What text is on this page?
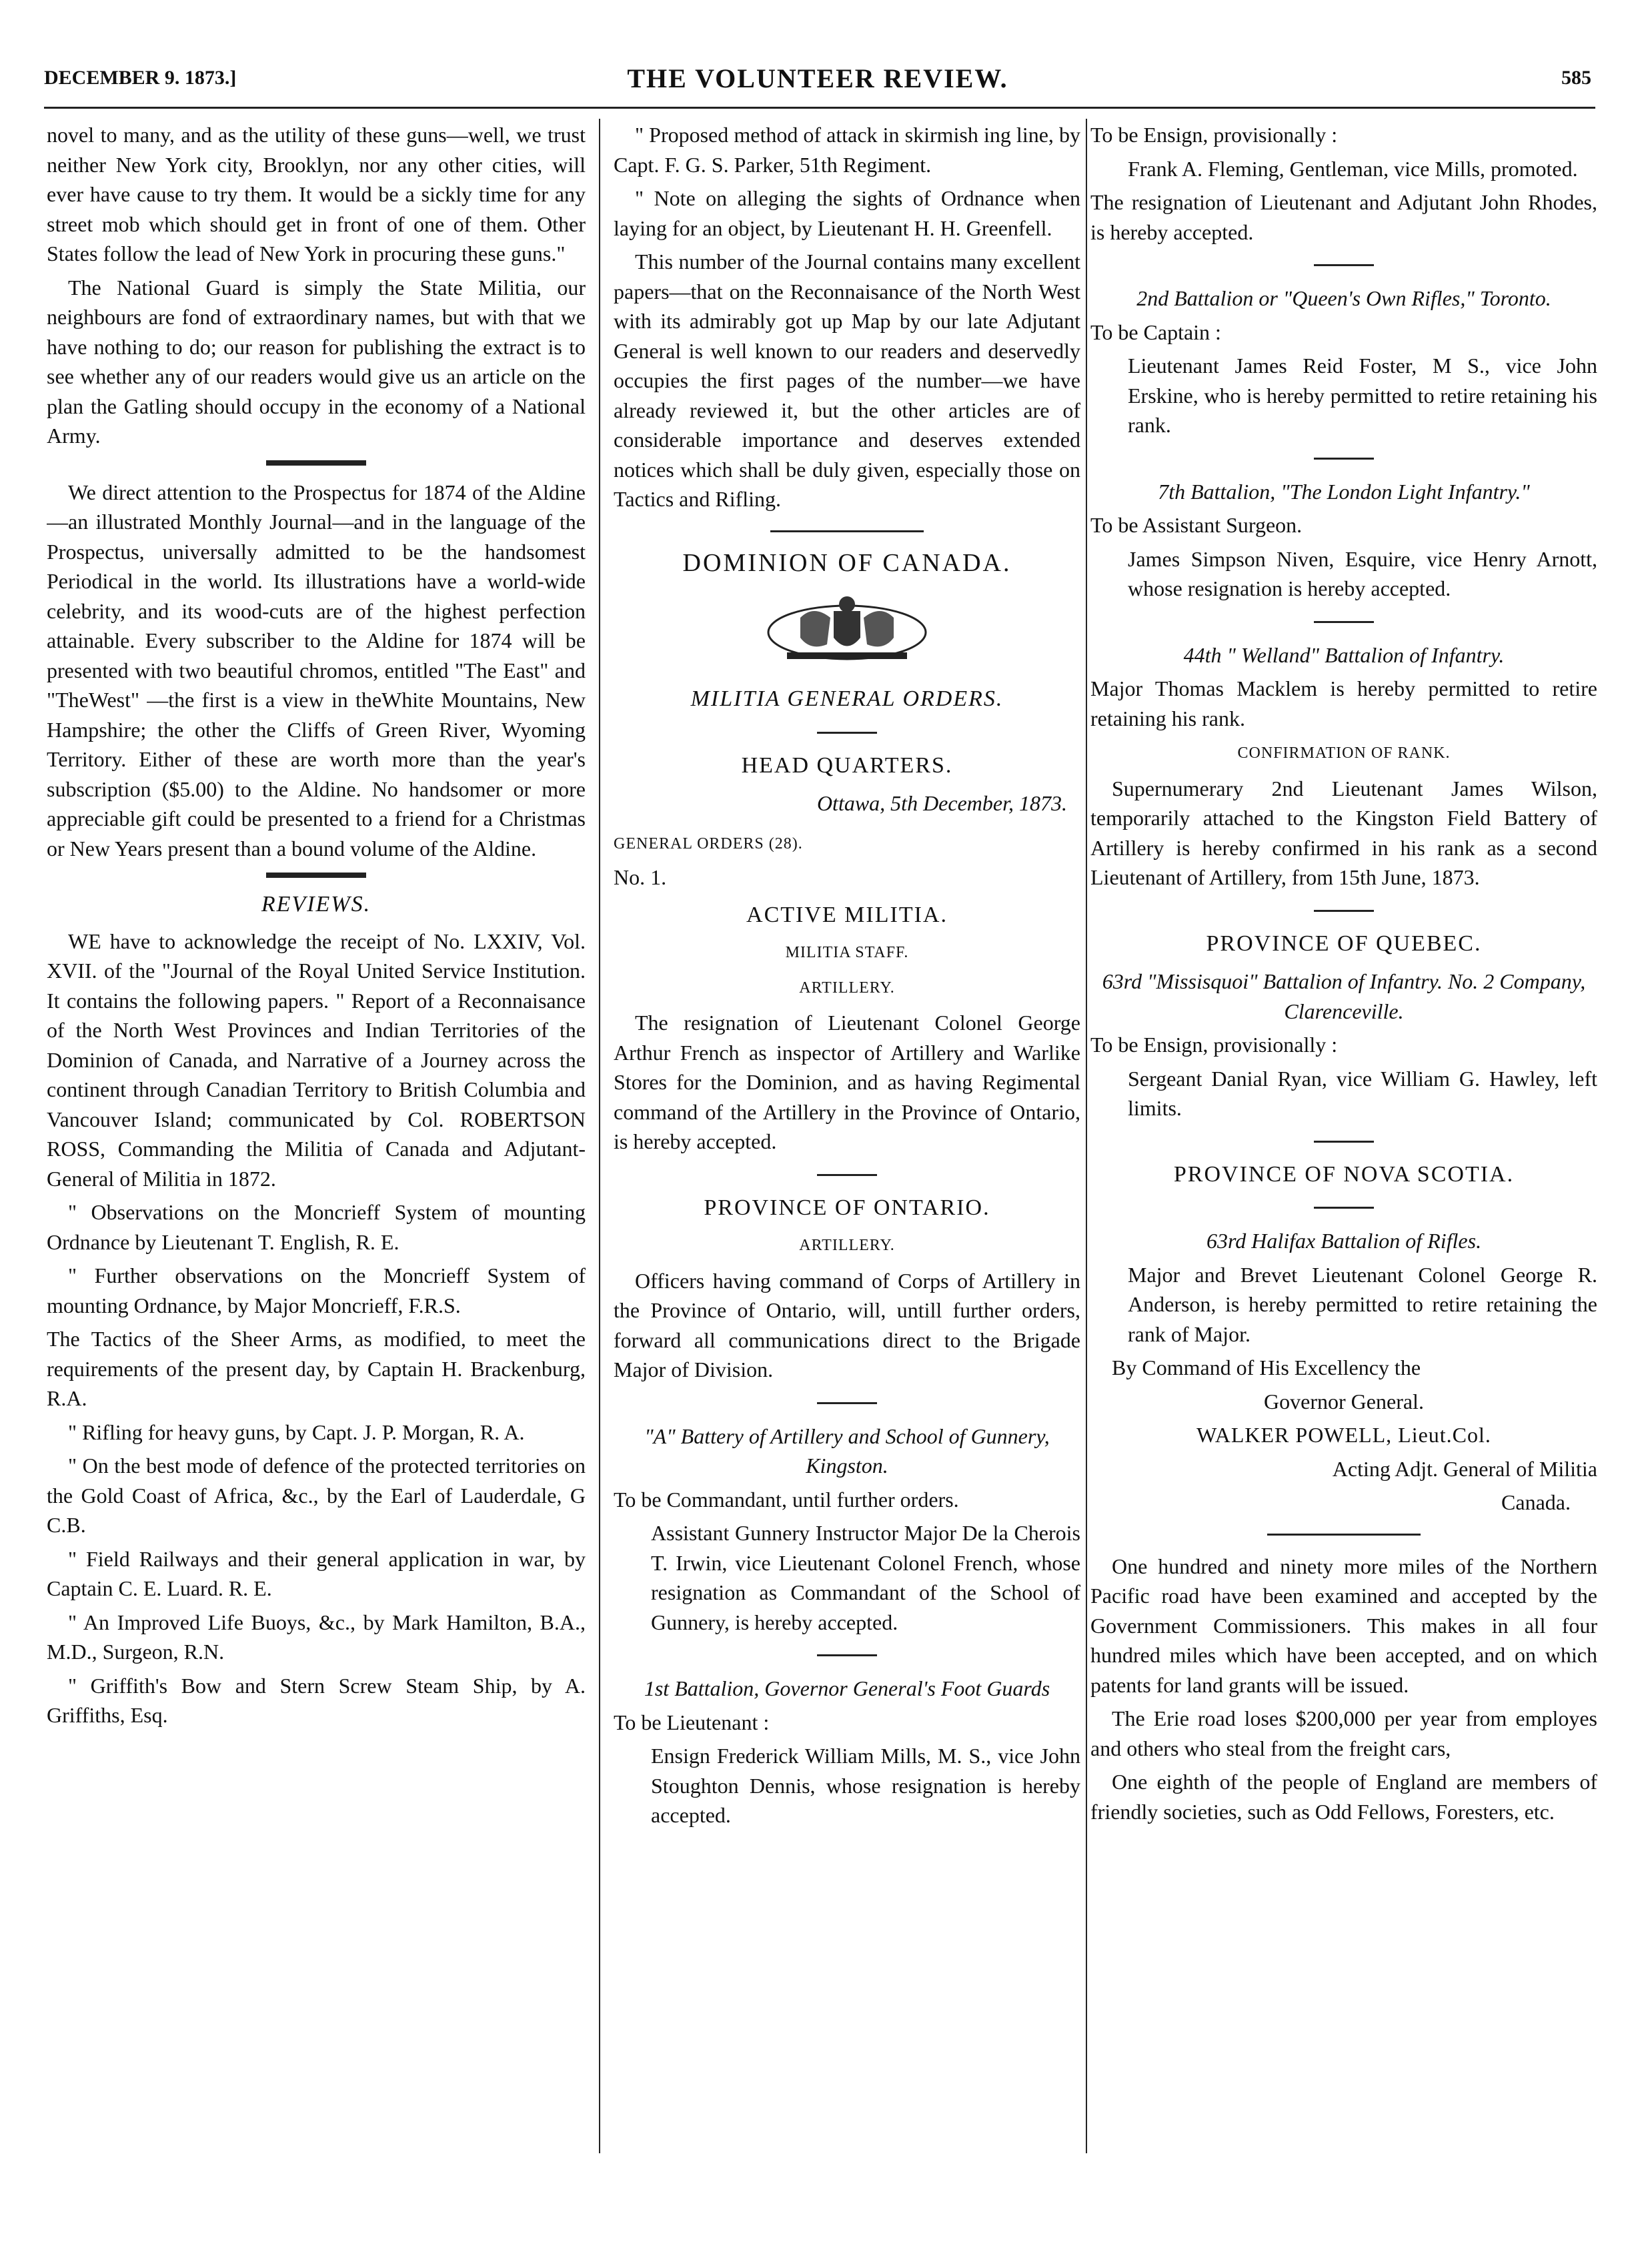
DECEMBER 9. 1873.]	THE VOLUNTEER REVIEW.	585

novel to many, and as the utility of these guns—well, we trust neither New York city, Brooklyn, nor any other cities, will ever have cause to try them. It would be a sickly time for any street mob which should get in front of one of them. Other States follow the lead of New York in procuring these guns."

The National Guard is simply the State Militia, our neighbours are fond of extraordinary names, but with that we have nothing to do; our reason for publishing the extract is to see whether any of our readers would give us an article on the plan the Gatling should occupy in the economy of a National Army.

We direct attention to the Prospectus for 1874 of the Aldine—an illustrated Monthly Journal—and in the language of the Prospectus, universally admitted to be the handsomest Periodical in the world. Its illustrations have a world-wide celebrity, and its wood-cuts are of the highest perfection attainable. Every subscriber to the Aldine for 1874 will be presented with two beautiful chromos, entitled "The East" and "TheWest" —the first is a view in theWhite Mountains, New Hampshire; the other the Cliffs of Green River, Wyoming Territory. Either of these are worth more than the year's subscription ($5.00) to the Aldine. No handsomer or more appreciable gift could be presented to a friend for a Christmas or New Years present than a bound volume of the Aldine.

REVIEWS.

WE have to acknowledge the receipt of No. LXXIV, Vol. XVII. of the "Journal of the Royal United Service Institution. It contains the following papers. " Report of a Reconnaisance of the North West Provinces and Indian Territories of the Dominion of Canada, and Narrative of a Journey across the continent through Canadian Territory to British Columbia and Vancouver Island; communicated by Col. ROBERTSON ROSS, Commanding the Militia of Canada and Adjutant-General of Militia in 1872.

" Observations on the Moncrieff System of mounting Ordnance by Lieutenant T. English, R. E.

" Further observations on the Moncrieff System of mounting Ordnance, by Major Moncrieff, F.R.S.

The Tactics of the Sheer Arms, as modified, to meet the requirements of the present day, by Captain H. Brackenburg, R.A.

" Rifling for heavy guns, by Capt. J. P. Morgan, R. A.

" On the best mode of defence of the protected territories on the Gold Coast of Africa, &c., by the Earl of Lauderdale, G C.B.

" Field Railways and their general application in war, by Captain C. E. Luard. R. E.

" An Improved Life Buoys, &c., by Mark Hamilton, B.A., M.D., Surgeon, R.N.

" Griffith's Bow and Stern Screw Steam Ship, by A. Griffiths, Esq.

" Proposed method of attack in skirmish ing line, by Capt. F. G. S. Parker, 51th Regiment.

" Note on alleging the sights of Ordnance when laying for an object, by Lieutenant H. H. Greenfell.

This number of the Journal contains many excellent papers—that on the Reconnaisance of the North West with its admirably got up Map by our late Adjutant General is well known to our readers and deservedly occupies the first pages of the number—we have already reviewed it, but the other articles are of considerable importance and deserves extended notices which shall be duly given, especially those on Tactics and Rifling.

DOMINION OF CANADA.

MILITIA GENERAL ORDERS.

HEAD QUARTERS.

Ottawa, 5th December, 1873.

GENERAL ORDERS (28).

No. 1.

ACTIVE MILITIA.

MILITIA STAFF.

ARTILLERY.

The resignation of Lieutenant Colonel George Arthur French as inspector of Artillery and Warlike Stores for the Dominion, and as having Regimental command of the Artillery in the Province of Ontario, is hereby accepted.

PROVINCE OF ONTARIO.

ARTILLERY.

Officers having command of Corps of Artillery in the Province of Ontario, will, untill further orders, forward all communications direct to the Brigade Major of Division.

"A" Battery of Artillery and School of Gunnery, Kingston.

To be Commandant, until further orders.

Assistant Gunnery Instructor Major De la Cherois T. Irwin, vice Lieutenant Colonel French, whose resignation as Commandant of the School of Gunnery, is hereby accepted.

1st Battalion, Governor General's Foot Guards

To be Lieutenant :

Ensign Frederick William Mills, M. S., vice John Stoughton Dennis, whose resignation is hereby accepted.

To be Ensign, provisionally :

Frank A. Fleming, Gentleman, vice Mills, promoted.

The resignation of Lieutenant and Adjutant John Rhodes, is hereby accepted.

2nd Battalion or "Queen's Own Rifles," Toronto.

To be Captain :

Lieutenant James Reid Foster, M S., vice John Erskine, who is hereby permitted to retire retaining his rank.

7th Battalion, "The London Light Infantry."

To be Assistant Surgeon.

James Simpson Niven, Esquire, vice Henry Arnott, whose resignation is hereby accepted.

44th " Welland" Battalion of Infantry.

Major Thomas Macklem is hereby permitted to retire retaining his rank.

CONFIRMATION OF RANK.

Supernumerary 2nd Lieutenant James Wilson, temporarily attached to the Kingston Field Battery of Artillery is hereby confirmed in his rank as a second Lieutenant of Artillery, from 15th June, 1873.

PROVINCE OF QUEBEC.

63rd "Missisquoi" Battalion of Infantry. No. 2 Company, Clarenceville.

To be Ensign, provisionally :

Sergeant Danial Ryan, vice William G. Hawley, left limits.

PROVINCE OF NOVA SCOTIA.

63rd Halifax Battalion of Rifles.

Major and Brevet Lieutenant Colonel George R. Anderson, is hereby permitted to retire retaining the rank of Major.

By Command of His Excellency the

Governor General.

WALKER POWELL, Lieut.Col.

Acting Adjt. General of Militia

Canada.

One hundred and ninety more miles of the Northern Pacific road have been examined and accepted by the Government Commissioners. This makes in all four hundred miles which have been accepted, and on which patents for land grants will be issued.

The Erie road loses $200,000 per year from employes and others who steal from the freight cars,

One eighth of the people of England are members of friendly societies, such as Odd Fellows, Foresters, etc.
